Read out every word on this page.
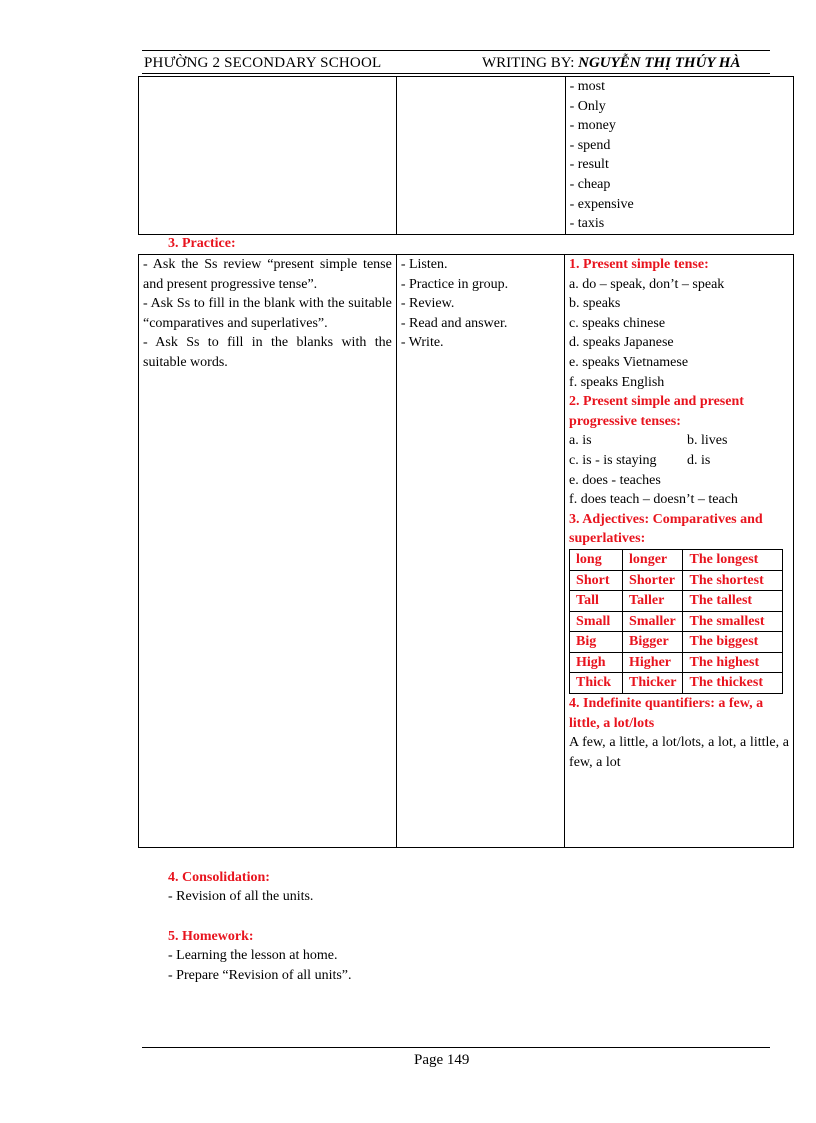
PHƯỜNG 2 SECONDARY SCHOOL	WRITING BY: NGUYỄN THỊ THÚY HÀ

- most
- Only
- money
- spend
- result
- cheap
- expensive
- taxis
3. Practice:
- Ask the Ss review “present simple tense and present progressive tense”.
- Ask Ss to fill in the blank with the suitable “comparatives and superlatives”.
- Ask Ss to fill in the blanks with the suitable words.

- Listen.
- Practice in group.
- Review.
- Read and answer.
- Write.

1. Present simple tense:
a. do – speak, don’t – speak
b. speaks
c. speaks chinese
d. speaks Japanese
e. speaks Vietnamese
f. speaks English
2. Present simple and present progressive tenses:
a. is	b. lives
c. is - is staying	d. is
e. does - teaches
f. does teach – doesn’t – teach
3. Adjectives: Comparatives and superlatives:
long	longer	The longest
Short	Shorter	The shortest
Tall	Taller	The tallest
Small	Smaller	The smallest
Big	Bigger	The biggest
High	Higher	The highest
Thick	Thicker	The thickest
4. Indefinite quantifiers: a few, a little, a lot/lots
A few, a little, a lot/lots, a lot, a little, a few, a lot
4. Consolidation:
- Revision of all the units.
5. Homework:
- Learning the lesson at home.
- Prepare “Revision of all units”.
Page 149
